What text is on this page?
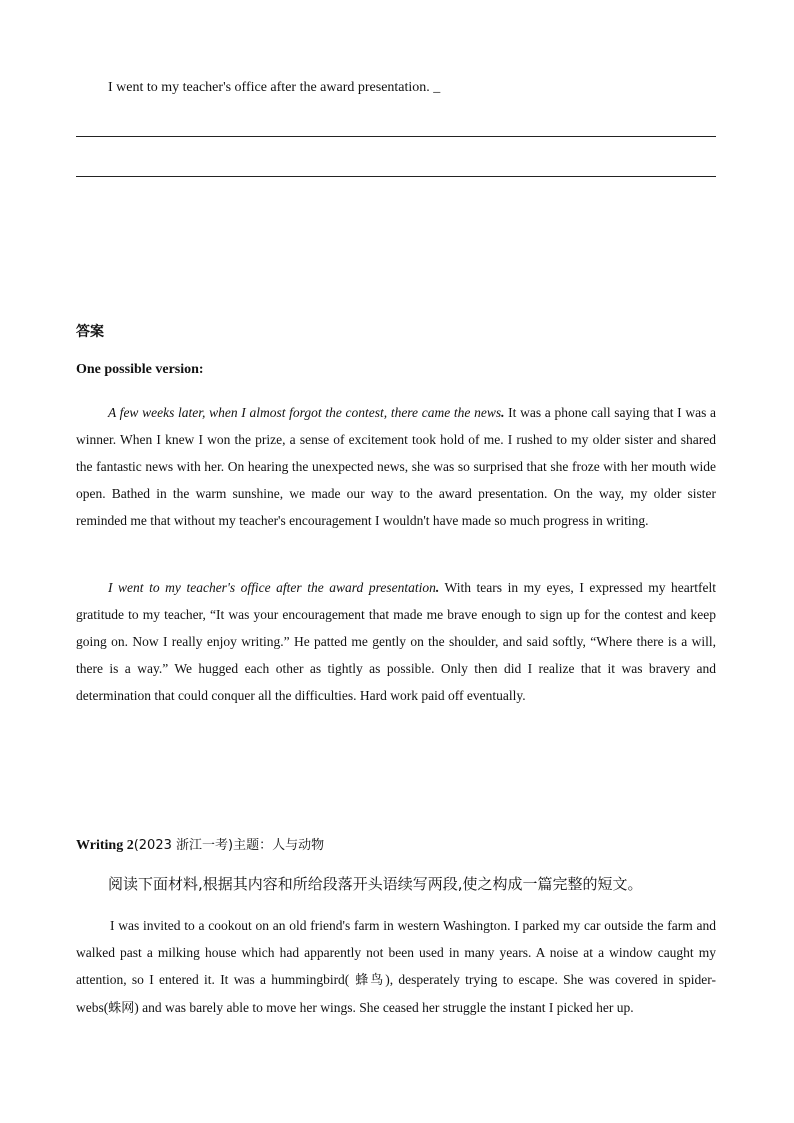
I went to my teacher's office after the award presentation. _
答案
One possible version:

A few weeks later, when I almost forgot the contest, there came the news. It was a phone call saying that I was a winner. When I knew I won the prize, a sense of excitement took hold of me. I rushed to my older sister and shared the fantastic news with her. On hearing the unexpected news, she was so surprised that she froze with her mouth wide open. Bathed in the warm sunshine, we made our way to the award presentation. On the way, my older sister reminded me that without my teacher's encouragement I wouldn't have made so much progress in writing.

I went to my teacher's office after the award presentation. With tears in my eyes, I expressed my heartfelt gratitude to my teacher, “It was your encouragement that made me brave enough to sign up for the contest and keep going on. Now I really enjoy writing.” He patted me gently on the shoulder, and said softly, “Where there is a will, there is a way.” We hugged each other as tightly as possible. Only then did I realize that it was bravery and determination that could conquer all the difficulties. Hard work paid off eventually.

Writing 2(2023 浙江一考)主题：人与动物
阅读下面材料,根据其内容和所给段落开头语续写两段,使之构成一篇完整的短文。

I was invited to a cookout on an old friend's farm in western Washington. I parked my car outside the farm and walked past a milking house which had apparently not been used in many years. A noise at a window caught my attention, so I entered it. It was a hummingbird( 蜂鸟), desperately trying to escape. She was covered in spider-webs(蛛网) and was barely able to move her wings. She ceased her struggle the instant I picked her up.
